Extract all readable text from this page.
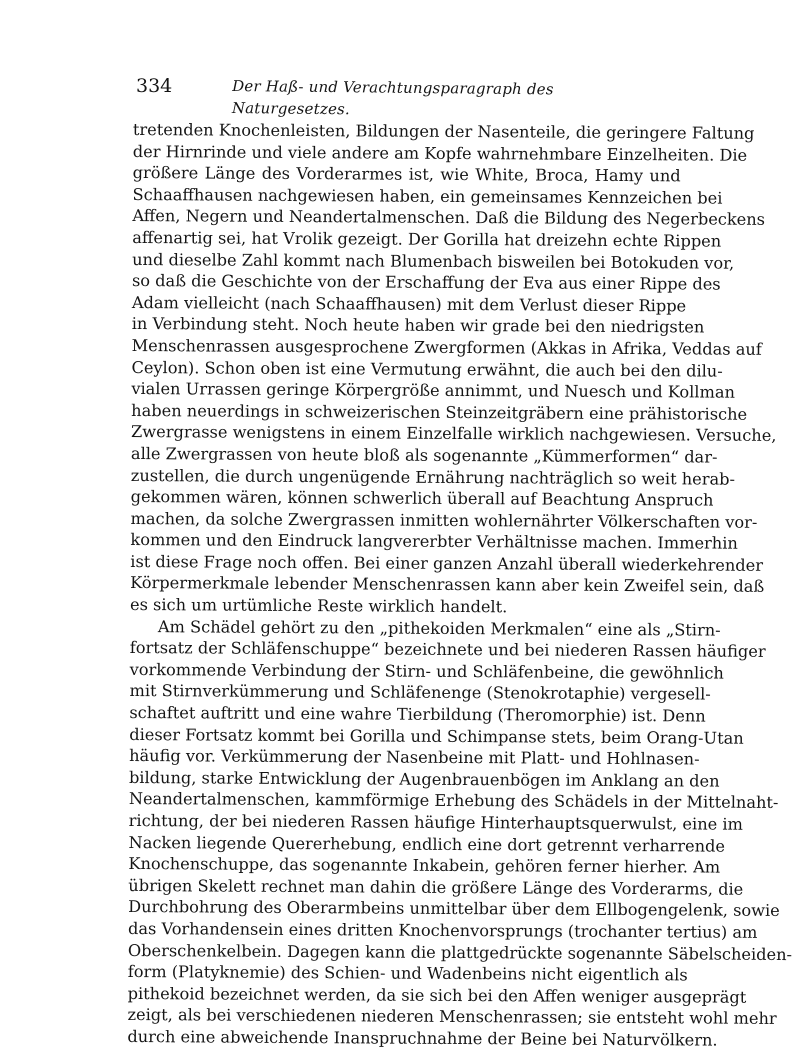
334	Der Haß- und Verachtungsparagraph des Naturgesetzes.
tretenden Knochenleisten, Bildungen der Nasenteile, die geringere Faltung
der Hirnrinde und viele andere am Kopfe wahrnehmbare Einzelheiten. Die
größere Länge des Vorderarmes ist, wie White, Broca, Hamy und
Schaaffhausen nachgewiesen haben, ein gemeinsames Kennzeichen bei
Affen, Negern und Neandertalmenschen. Daß die Bildung des Negerbeckens
affenartig sei, hat Vrolik gezeigt. Der Gorilla hat dreizehn echte Rippen
und dieselbe Zahl kommt nach Blumenbach bisweilen bei Botokuden vor,
so daß die Geschichte von der Erschaffung der Eva aus einer Rippe des
Adam vielleicht (nach Schaaffhausen) mit dem Verlust dieser Rippe
in Verbindung steht. Noch heute haben wir grade bei den niedrigsten
Menschenrassen ausgesprochene Zwergformen (Akkas in Afrika, Veddas auf
Ceylon). Schon oben ist eine Vermutung erwähnt, die auch bei den dilu-
vialen Urrassen geringe Körpergröße annimmt, und Nuesch und Kollman
haben neuerdings in schweizerischen Steinzeitgräbern eine prähistorische
Zwergrasse wenigstens in einem Einzelfalle wirklich nachgewiesen. Versuche,
alle Zwergrassen von heute bloß als sogenannte „Kümmerformen“ dar-
zustellen, die durch ungenügende Ernährung nachträglich so weit herab-
gekommen wären, können schwerlich überall auf Beachtung Anspruch
machen, da solche Zwergrassen inmitten wohlernährter Völkerschaften vor-
kommen und den Eindruck langvererbter Verhältnisse machen. Immerhin
ist diese Frage noch offen. Bei einer ganzen Anzahl überall wiederkehrender
Körpermerkmale lebender Menschenrassen kann aber kein Zweifel sein, daß
es sich um urtümliche Reste wirklich handelt.
Am Schädel gehört zu den „pithekoiden Merkmalen“ eine als „Stirn-
fortsatz der Schläfenschuppe“ bezeichnete und bei niederen Rassen häufiger
vorkommende Verbindung der Stirn- und Schläfenbeine, die gewöhnlich
mit Stirnverkümmerung und Schläfenenge (Stenokrotaphie) vergesell-
schaftet auftritt und eine wahre Tierbildung (Theromorphie) ist. Denn
dieser Fortsatz kommt bei Gorilla und Schimpanse stets, beim Orang-Utan
häufig vor. Verkümmerung der Nasenbeine mit Platt- und Hohlnasen-
bildung, starke Entwicklung der Augenbrauenbögen im Anklang an den
Neandertalmenschen, kammförmige Erhebung des Schädels in der Mittelnaht-
richtung, der bei niederen Rassen häufige Hinterhauptsquerwulst, eine im
Nacken liegende Quererhebung, endlich eine dort getrennt verharrende
Knochenschuppe, das sogenannte Inkabein, gehören ferner hierher. Am
übrigen Skelett rechnet man dahin die größere Länge des Vorderarms, die
Durchbohrung des Oberarmbeins unmittelbar über dem Ellbogengelenk, sowie
das Vorhandensein eines dritten Knochenvorsprungs (trochanter tertius) am
Oberschenkelbein. Dagegen kann die plattgedrückte sogenannte Säbelscheiden-
form (Platyknemie) des Schien- und Wadenbeins nicht eigentlich als
pithekoid bezeichnet werden, da sie sich bei den Affen weniger ausgeprägt
zeigt, als bei verschiedenen niederen Menschenrassen; sie entsteht wohl mehr
durch eine abweichende Inanspruchnahme der Beine bei Naturvölkern.
